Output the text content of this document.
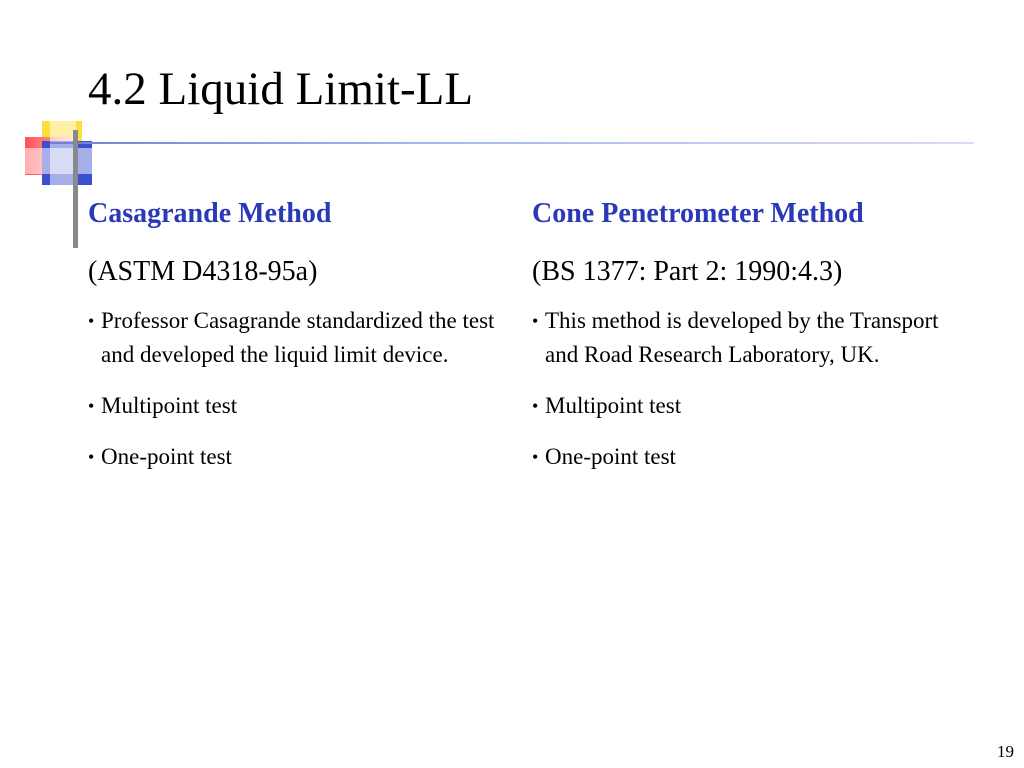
4.2 Liquid Limit-LL
Casagrande Method

(ASTM D4318-95a)

• Professor Casagrande standardized the test and developed the liquid limit device.
• Multipoint test
• One-point test
Cone Penetrometer Method

(BS 1377: Part 2: 1990:4.3)

• This method is developed by the Transport and Road Research Laboratory, UK.
• Multipoint test
• One-point test
19
